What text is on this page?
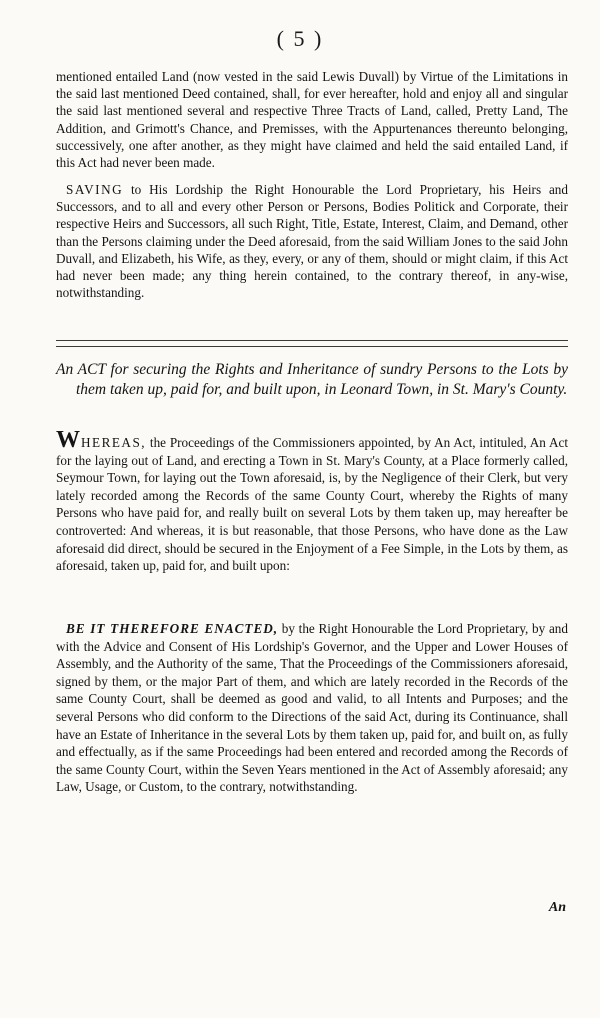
( 5 )

mentioned entailed Land (now vested in the said Lewis Duvall) by Virtue of the Limitations in the said last mentioned Deed contained, shall, for ever hereafter, hold and enjoy all and singular the said last mentioned several and respective Three Tracts of Land, called, Pretty Land, The Addition, and Grimott's Chance, and Premisses, with the Appurtenances thereunto belonging, successively, one after another, as they might have claimed and held the said entailed Land, if this Act had never been made.

SAVING to His Lordship the Right Honourable the Lord Proprietary, his Heirs and Successors, and to all and every other Person or Persons, Bodies Politick and Corporate, their respective Heirs and Successors, all such Right, Title, Estate, Interest, Claim, and Demand, other than the Persons claiming under the Deed aforesaid, from the said William Jones to the said John Duvall, and Elizabeth, his Wife, as they, every, or any of them, should or might claim, if this Act had never been made; any thing herein contained, to the contrary thereof, in any-wise, notwithstanding.

An ACT for securing the Rights and Inheritance of sundry Persons to the Lots by them taken up, paid for, and built upon, in Leonard Town, in St. Mary's County.
WHEREAS, the Proceedings of the Commissioners appointed, by An Act, intituled, An Act for the laying out of Land, and erecting a Town in St. Mary's County, at a Place formerly called, Seymour Town, for laying out the Town aforesaid, is, by the Negligence of their Clerk, but very lately recorded among the Records of the same County Court, whereby the Rights of many Persons who have paid for, and really built on several Lots by them taken up, may hereafter be controverted: And whereas, it is but reasonable, that those Persons, who have done as the Law aforesaid did direct, should be secured in the Enjoyment of a Fee Simple, in the Lots by them, as aforesaid, taken up, paid for, and built upon:
BE IT THEREFORE ENACTED, by the Right Honourable the Lord Proprietary, by and with the Advice and Consent of His Lordship's Governor, and the Upper and Lower Houses of Assembly, and the Authority of the same, That the Proceedings of the Commissioners aforesaid, signed by them, or the major Part of them, and which are lately recorded in the Records of the same County Court, shall be deemed as good and valid, to all Intents and Purposes; and the several Persons who did conform to the Directions of the said Act, during its Continuance, shall have an Estate of Inheritance in the several Lots by them taken up, paid for, and built on, as fully and effectually, as if the same Proceedings had been entered and recorded among the Records of the same County Court, within the Seven Years mentioned in the Act of Assembly aforesaid; any Law, Usage, or Custom, to the contrary, notwithstanding.
An
